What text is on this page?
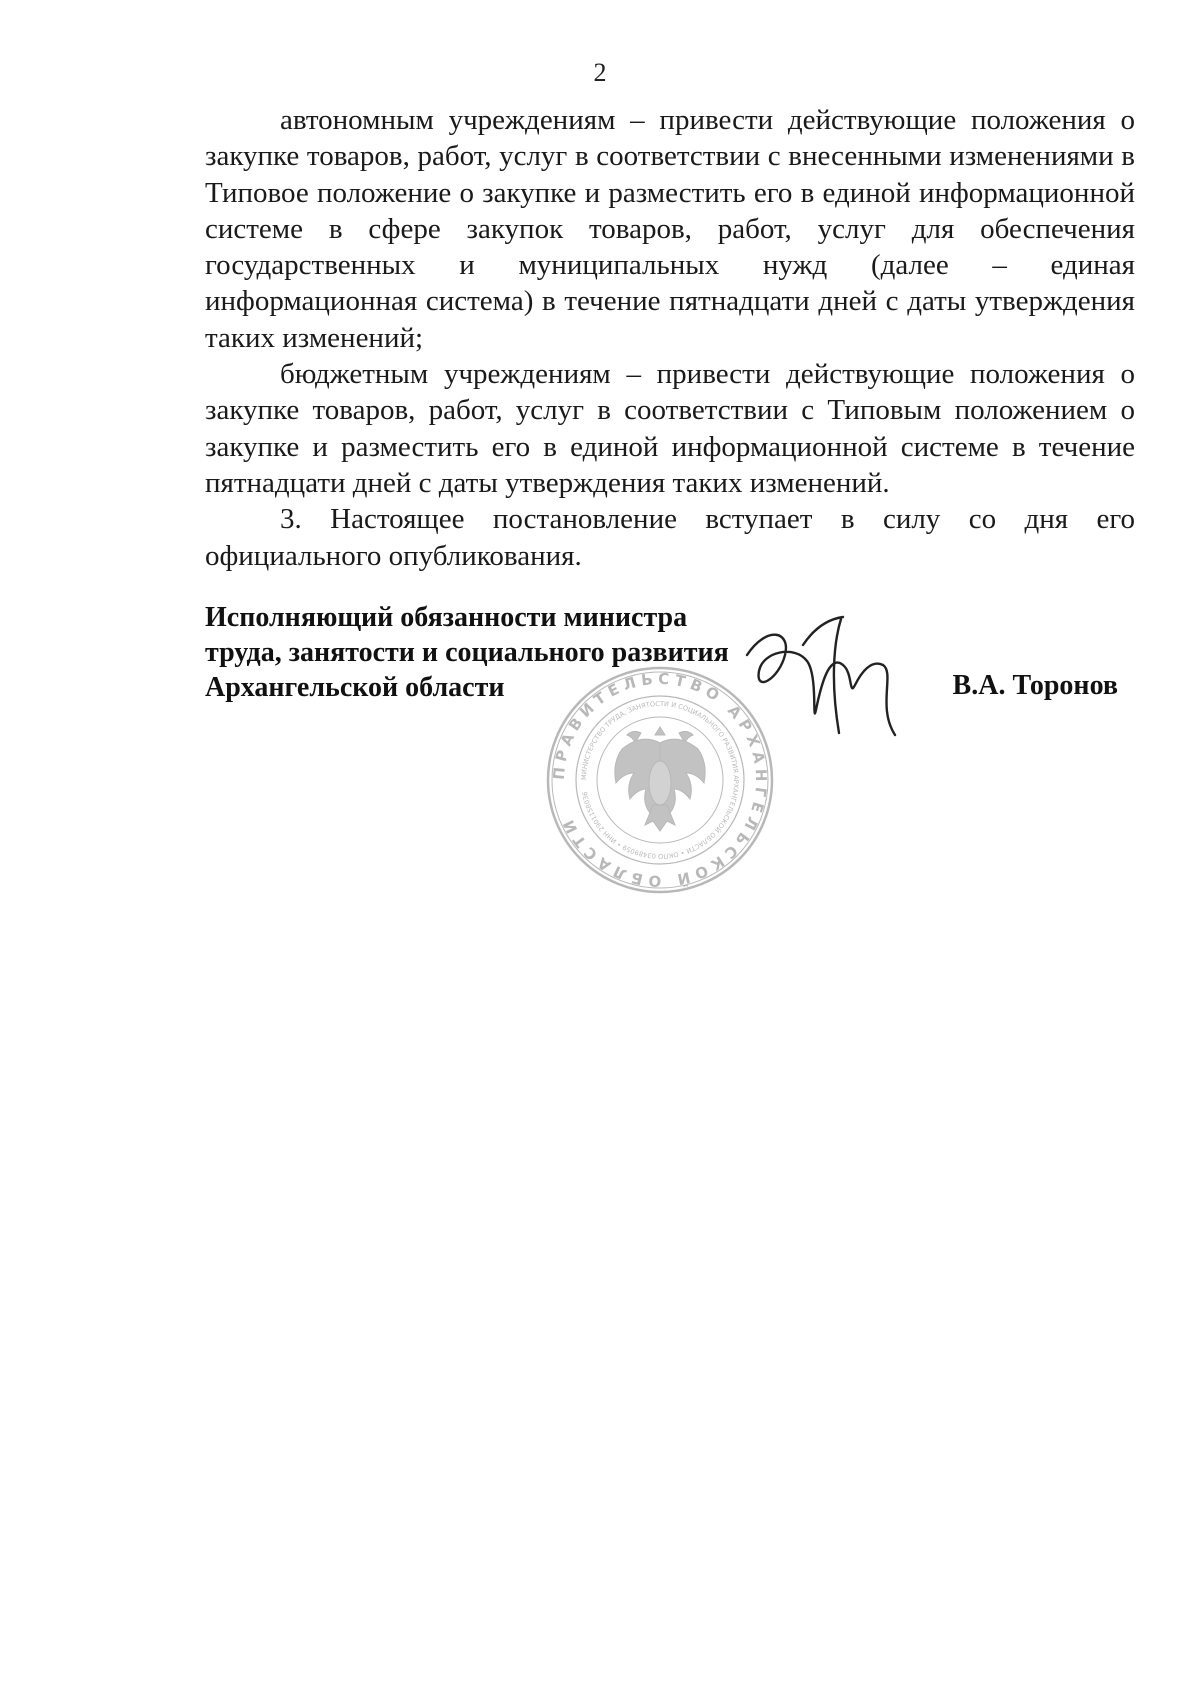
2

автономным учреждениям – привести действующие положения о закупке товаров, работ, услуг в соответствии с внесенными изменениями в Типовое положение о закупке и разместить его в единой информационной системе в сфере закупок товаров, работ, услуг для обеспечения государственных и муниципальных нужд (далее – единая информационная система) в течение пятнадцати дней с даты утверждения таких изменений;

бюджетным учреждениям – привести действующие положения о закупке товаров, работ, услуг в соответствии с Типовым положением о закупке и разместить его в единой информационной системе в течение пятнадцати дней с даты утверждения таких изменений.

3. Настоящее постановление вступает в силу со дня его официального опубликования.

Исполняющий обязанности министра
труда, занятости и социального развития
Архангельской области
ПРАВИТЕЛЬСТВО АРХАНГЕЛЬСКОЙ ОБЛАСТИ
МИНИСТЕРСТВО ТРУДА, ЗАНЯТОСТИ И СОЦИАЛЬНОГО РАЗВИТИЯ АРХАНГЕЛЬСКОЙ ОБЛАСТИ • ОКПО 03489059 • ИНН 2901158036
В.А. Торонов
